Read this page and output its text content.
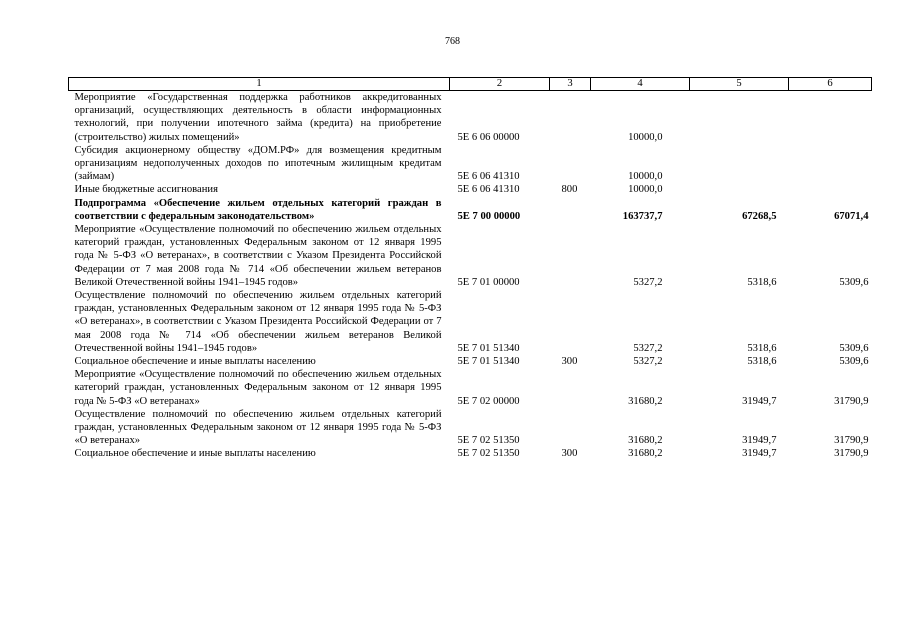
768
1	2	3	4	5	6
Мероприятие «Государственная поддержка работников аккредитованных организаций, осуществляющих деятельность в области информационных технологий, при получении ипотечного займа (кредита) на приобретение (строительство) жилых помещений»	5Е 6 06 00000		10000,0		
Субсидия акционерному обществу «ДОМ.РФ» для возмещения кредитным организациям недополученных доходов по ипотечным жилищным кредитам (займам)	5Е 6 06 41310		10000,0		
Иные бюджетные ассигнования	5Е 6 06 41310	800	10000,0		
Подпрограмма «Обеспечение жильем отдельных категорий граждан в соответствии с федеральным законодательством»	5Е 7 00 00000		163737,7	67268,5	67071,4
Мероприятие «Осуществление полномочий по обеспечению жильем отдельных категорий граждан, установленных Федеральным законом от 12 января 1995 года № 5-ФЗ «О ветеранах», в соответствии с Указом Президента Российской Федерации от 7 мая 2008 года № 714 «Об обеспечении жильем ветеранов Великой Отечественной войны 1941–1945 годов»	5Е 7 01 00000		5327,2	5318,6	5309,6
Осуществление полномочий по обеспечению жильем отдельных категорий граждан, установленных Федеральным законом от 12 января 1995 года № 5-ФЗ «О ветеранах», в соответствии с Указом Президента Российской Федерации от 7 мая 2008 года № 714 «Об обеспечении жильем ветеранов Великой Отечественной войны 1941–1945 годов»	5Е 7 01 51340		5327,2	5318,6	5309,6
Социальное обеспечение и иные выплаты населению	5Е 7 01 51340	300	5327,2	5318,6	5309,6
Мероприятие «Осуществление полномочий по обеспечению жильем отдельных категорий граждан, установленных Федеральным законом от 12 января 1995 года № 5-ФЗ «О ветеранах»	5Е 7 02 00000		31680,2	31949,7	31790,9
Осуществление полномочий по обеспечению жильем отдельных категорий граждан, установленных Федеральным законом от 12 января 1995 года № 5-ФЗ «О ветеранах»	5Е 7 02 51350		31680,2	31949,7	31790,9
Социальное обеспечение и иные выплаты населению	5Е 7 02 51350	300	31680,2	31949,7	31790,9
